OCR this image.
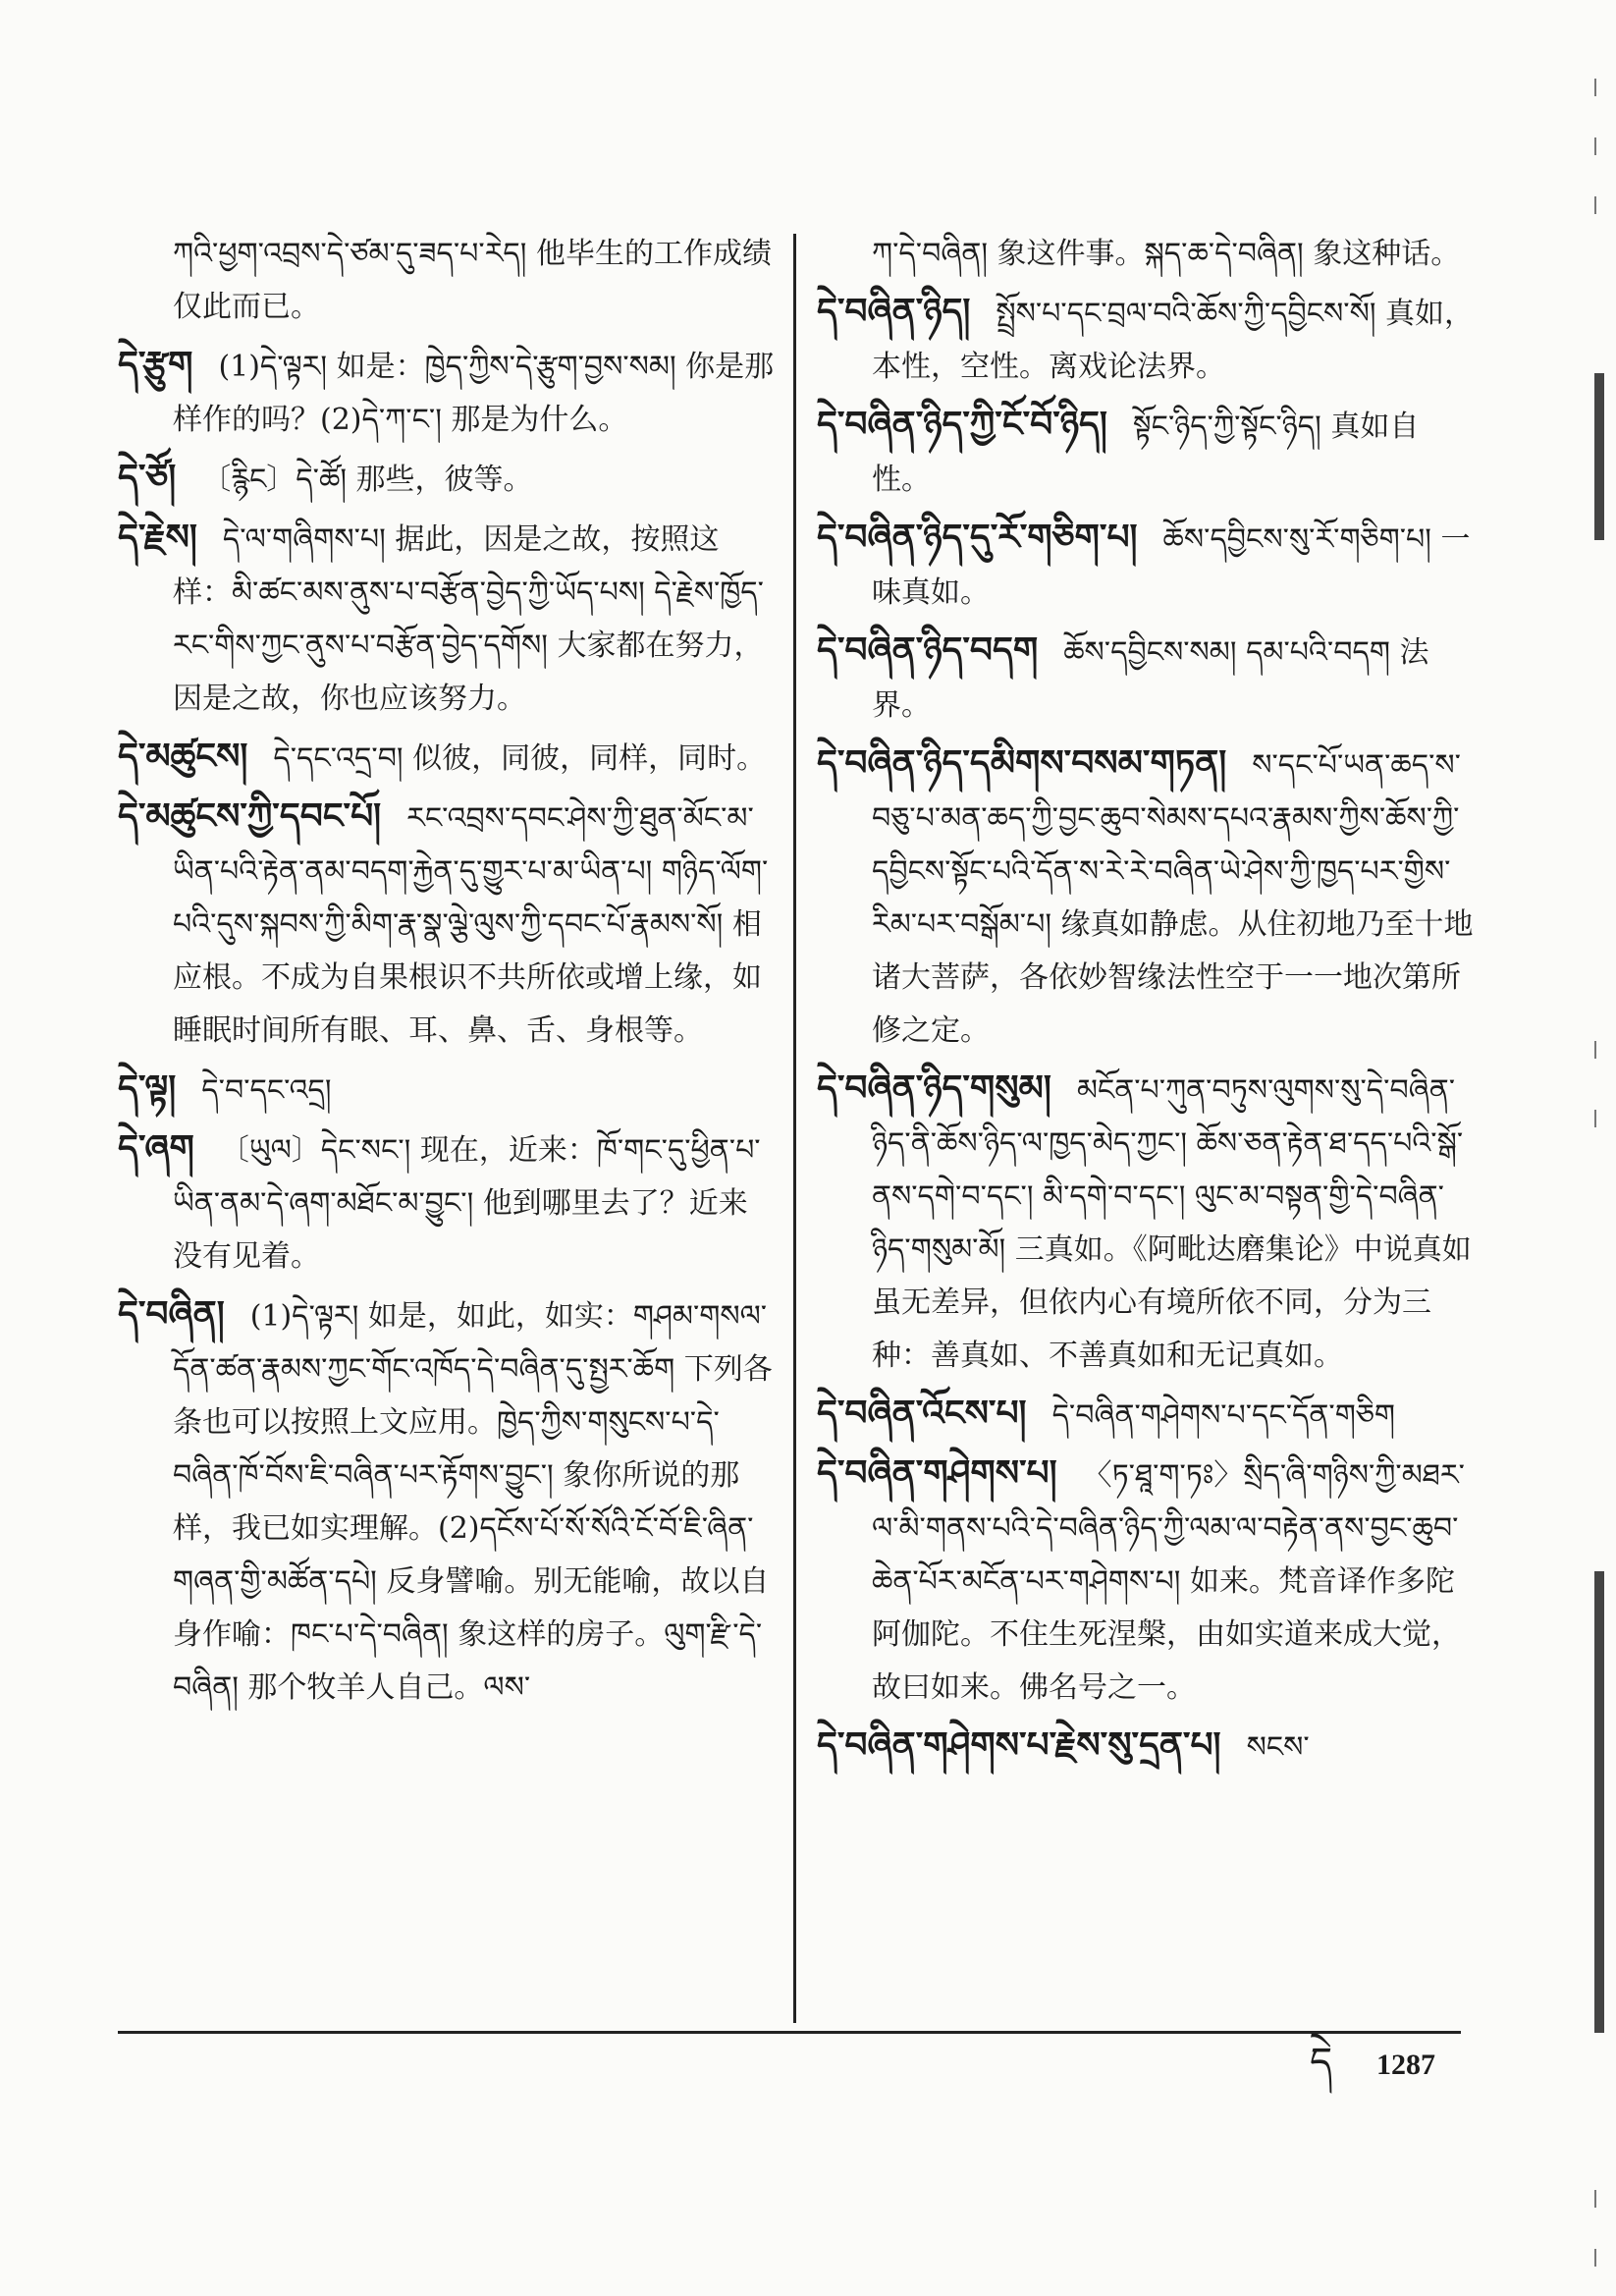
ཀའི་ཕྱག་འབྲས་དེ་ཙམ་དུ་ཟད་པ་རེད། 他毕生的工作成绩仅此而已。

དེ་རྩུག (1)དེ་ལྟར། 如是：ཁྱེད་ཀྱིས་དེ་རྩུག་བྱས་སམ། 你是那样作的吗？(2)དེ་ཀ་ང་། 那是为什么。

དེ་ཙོ། 〔རྙིང〕དེ་ཚོ། 那些，彼等。

དེ་རྗེས། དེ་ལ་གཞིགས་པ། 据此，因是之故，按照这样：མི་ཚང་མས་ནུས་པ་བརྩོན་བྱེད་ཀྱི་ཡོད་པས། དེ་རྗེས་ཁྱོད་རང་གིས་ཀྱང་ནུས་པ་བརྩོན་བྱེད་དགོས། 大家都在努力，因是之故，你也应该努力。

དེ་མཚུངས། དེ་དང་འདྲ་བ། 似彼，同彼，同样，同时。

དེ་མཚུངས་ཀྱི་དབང་པོ། རང་འབྲས་དབང་ཤེས་ཀྱི་ཐུན་མོང་མ་ཡིན་པའི་རྟེན་ནམ་བདག་རྐྱེན་དུ་གྱུར་པ་མ་ཡིན་པ། གཉིད་ལོག་པའི་དུས་སྐབས་ཀྱི་མིག་རྣ་སྣ་ལྕེ་ལུས་ཀྱི་དབང་པོ་རྣམས་སོ། 相应根。不成为自果根识不共所依或增上缘，如睡眠时间所有眼、耳、鼻、舌、身根等。

དེ་ལྟ། དེ་བ་དང་འདྲ།

དེ་ཞག 〔ཡུལ〕དེང་སང་། 现在，近来：ཁོ་གང་དུ་ཕྱིན་པ་ཡིན་ནམ་དེ་ཞག་མཐོང་མ་བྱུང་། 他到哪里去了？近来没有见着。

དེ་བཞིན། (1)དེ་ལྟར། 如是，如此，如实：གཤམ་གསལ་དོན་ཚན་རྣམས་ཀྱང་གོང་འཁོད་དེ་བཞིན་དུ་སྤྱར་ཆོག 下列各条也可以按照上文应用。ཁྱེད་ཀྱིས་གསུངས་པ་དེ་བཞིན་ཁོ་བོས་ཇི་བཞིན་པར་རྟོགས་བྱུང་། 象你所说的那样，我已如实理解。(2)དངོས་པོ་སོ་སོའི་ངོ་བོ་ཇི་ཞིན་གཞན་གྱི་མཚོན་དཔེ། 反身譬喻。别无能喻，故以自身作喻：ཁང་པ་དེ་བཞིན། 象这样的房子。ལུག་རྫི་དེ་བཞིན། 那个牧羊人自己。ལས་

ཀ་དེ་བཞིན། 象这件事。སྐད་ཆ་དེ་བཞིན། 象这种话。

དེ་བཞིན་ཉིད། སྤྲོས་པ་དང་བྲལ་བའི་ཆོས་ཀྱི་དབྱིངས་སོ། 真如，本性，空性。离戏论法界。

དེ་བཞིན་ཉིད་ཀྱི་ངོ་བོ་ཉིད། སྟོང་ཉིད་ཀྱི་སྟོང་ཉིད། 真如自性。

དེ་བཞིན་ཉིད་དུ་རོ་གཅིག་པ། ཆོས་དབྱིངས་སུ་རོ་གཅིག་པ། 一味真如。

དེ་བཞིན་ཉིད་བདག ཆོས་དབྱིངས་སམ། དམ་པའི་བདག 法界。

དེ་བཞིན་ཉིད་དམིགས་བསམ་གཏན། ས་དང་པོ་ཡན་ཆད་ས་བཅུ་པ་མན་ཆད་ཀྱི་བྱང་ཆུབ་སེམས་དཔའ་རྣམས་ཀྱིས་ཆོས་ཀྱི་དབྱིངས་སྟོང་པའི་དོན་ས་རེ་རེ་བཞིན་ཡེ་ཤེས་ཀྱི་ཁྱད་པར་གྱིས་རིམ་པར་བསྒོམ་པ། 缘真如静虑。从住初地乃至十地诸大菩萨，各依妙智缘法性空于一一地次第所修之定。

དེ་བཞིན་ཉིད་གསུམ། མངོན་པ་ཀུན་བཏུས་ལུགས་སུ་དེ་བཞིན་ཉིད་ནི་ཆོས་ཉིད་ལ་ཁྱད་མེད་ཀྱང་། ཆོས་ཅན་རྟེན་ཐ་དད་པའི་སྒོ་ནས་དགེ་བ་དང་། མི་དགེ་བ་དང་། ལུང་མ་བསྟན་གྱི་དེ་བཞིན་ཉིད་གསུམ་མོ། 三真如。《阿毗达磨集论》中说真如虽无差异，但依内心有境所依不同，分为三种：善真如、不善真如和无记真如。

དེ་བཞིན་འོངས་པ། དེ་བཞིན་གཤེགས་པ་དང་དོན་གཅིག

དེ་བཞིན་གཤེགས་པ། 〈ཏ་ཐཱ་ག་ཏཿ〉སྲིད་ཞི་གཉིས་ཀྱི་མཐར་ལ་མི་གནས་པའི་དེ་བཞིན་ཉིད་ཀྱི་ལམ་ལ་བརྟེན་ནས་བྱང་ཆུབ་ཆེན་པོར་མངོན་པར་གཤེགས་པ། 如来。梵音译作多陀阿伽陀。不住生死涅槃，由如实道来成大觉，故曰如来。佛名号之一。

དེ་བཞིན་གཤེགས་པ་རྗེས་སུ་དྲན་པ། སངས་

དེ 1287
